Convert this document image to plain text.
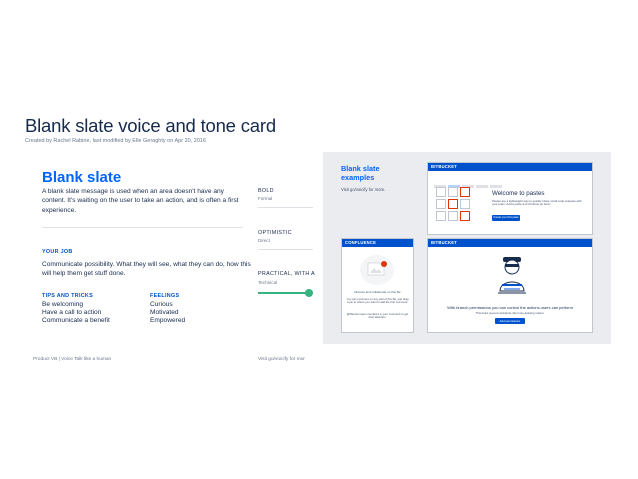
Blank slate voice and tone card
Created by Rachel Rabine, last modified by Elle Geraghty on Apr 20, 2016
Blank slate
A blank slate message is used when an area doesn't have any content. It's waiting on the user to take an action, and is often a first experience.
YOUR JOB
Communicate possibility. What they will see, what they can do, how this will help them get stuff done.
TIPS AND TRICKS
Be welcoming
Have a call to action
Communicate a benefit
FEELINGS
Curious
Motivated
Empowered
BOLD
Formal
OPTIMISTIC
Direct
PRACTICAL, WITH A
Technical
Product VB | Voice Talk like a human	Visit go/voicify for mor
Blank slate examples
Visit go/voicify for more.
BITBUCKET
Welcome to pastes
Pastes are a lightweight way to quickly share small code snippets with your team. Add a paste and it'll show up here!
Create your first paste
CONFLUENCE
Discuss and collaborate on this file
You can comment on any part of this file, just drag a pin to where you want to add the first comment.
@Mention team members in your comment to get their attention.
BITBUCKET
With branch permissions you can control the actions users can perform
This helps prevent accidents, like force-deleting master.
Add permissions
